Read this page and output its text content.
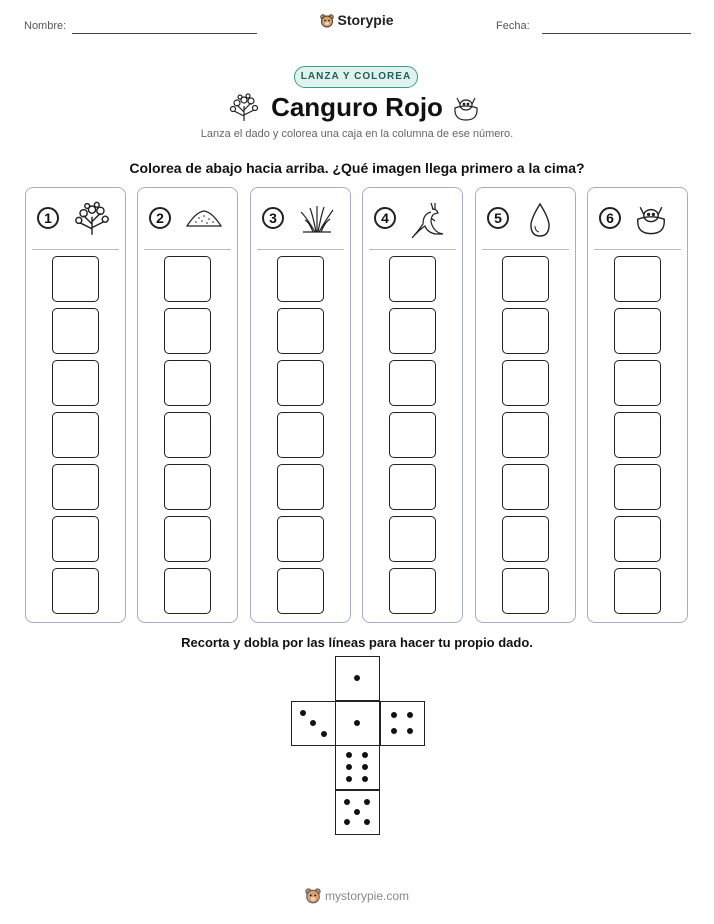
Nombre:	Storypie	Fecha:
LANZA Y COLOREA
Canguro Rojo
Lanza el dado y colorea una caja en la columna de ese número.
Colorea de abajo hacia arriba. ¿Qué imagen llega primero a la cima?
1	2	3	4	5	6
Recorta y dobla por las líneas para hacer tu propio dado.
mystorypie.com
